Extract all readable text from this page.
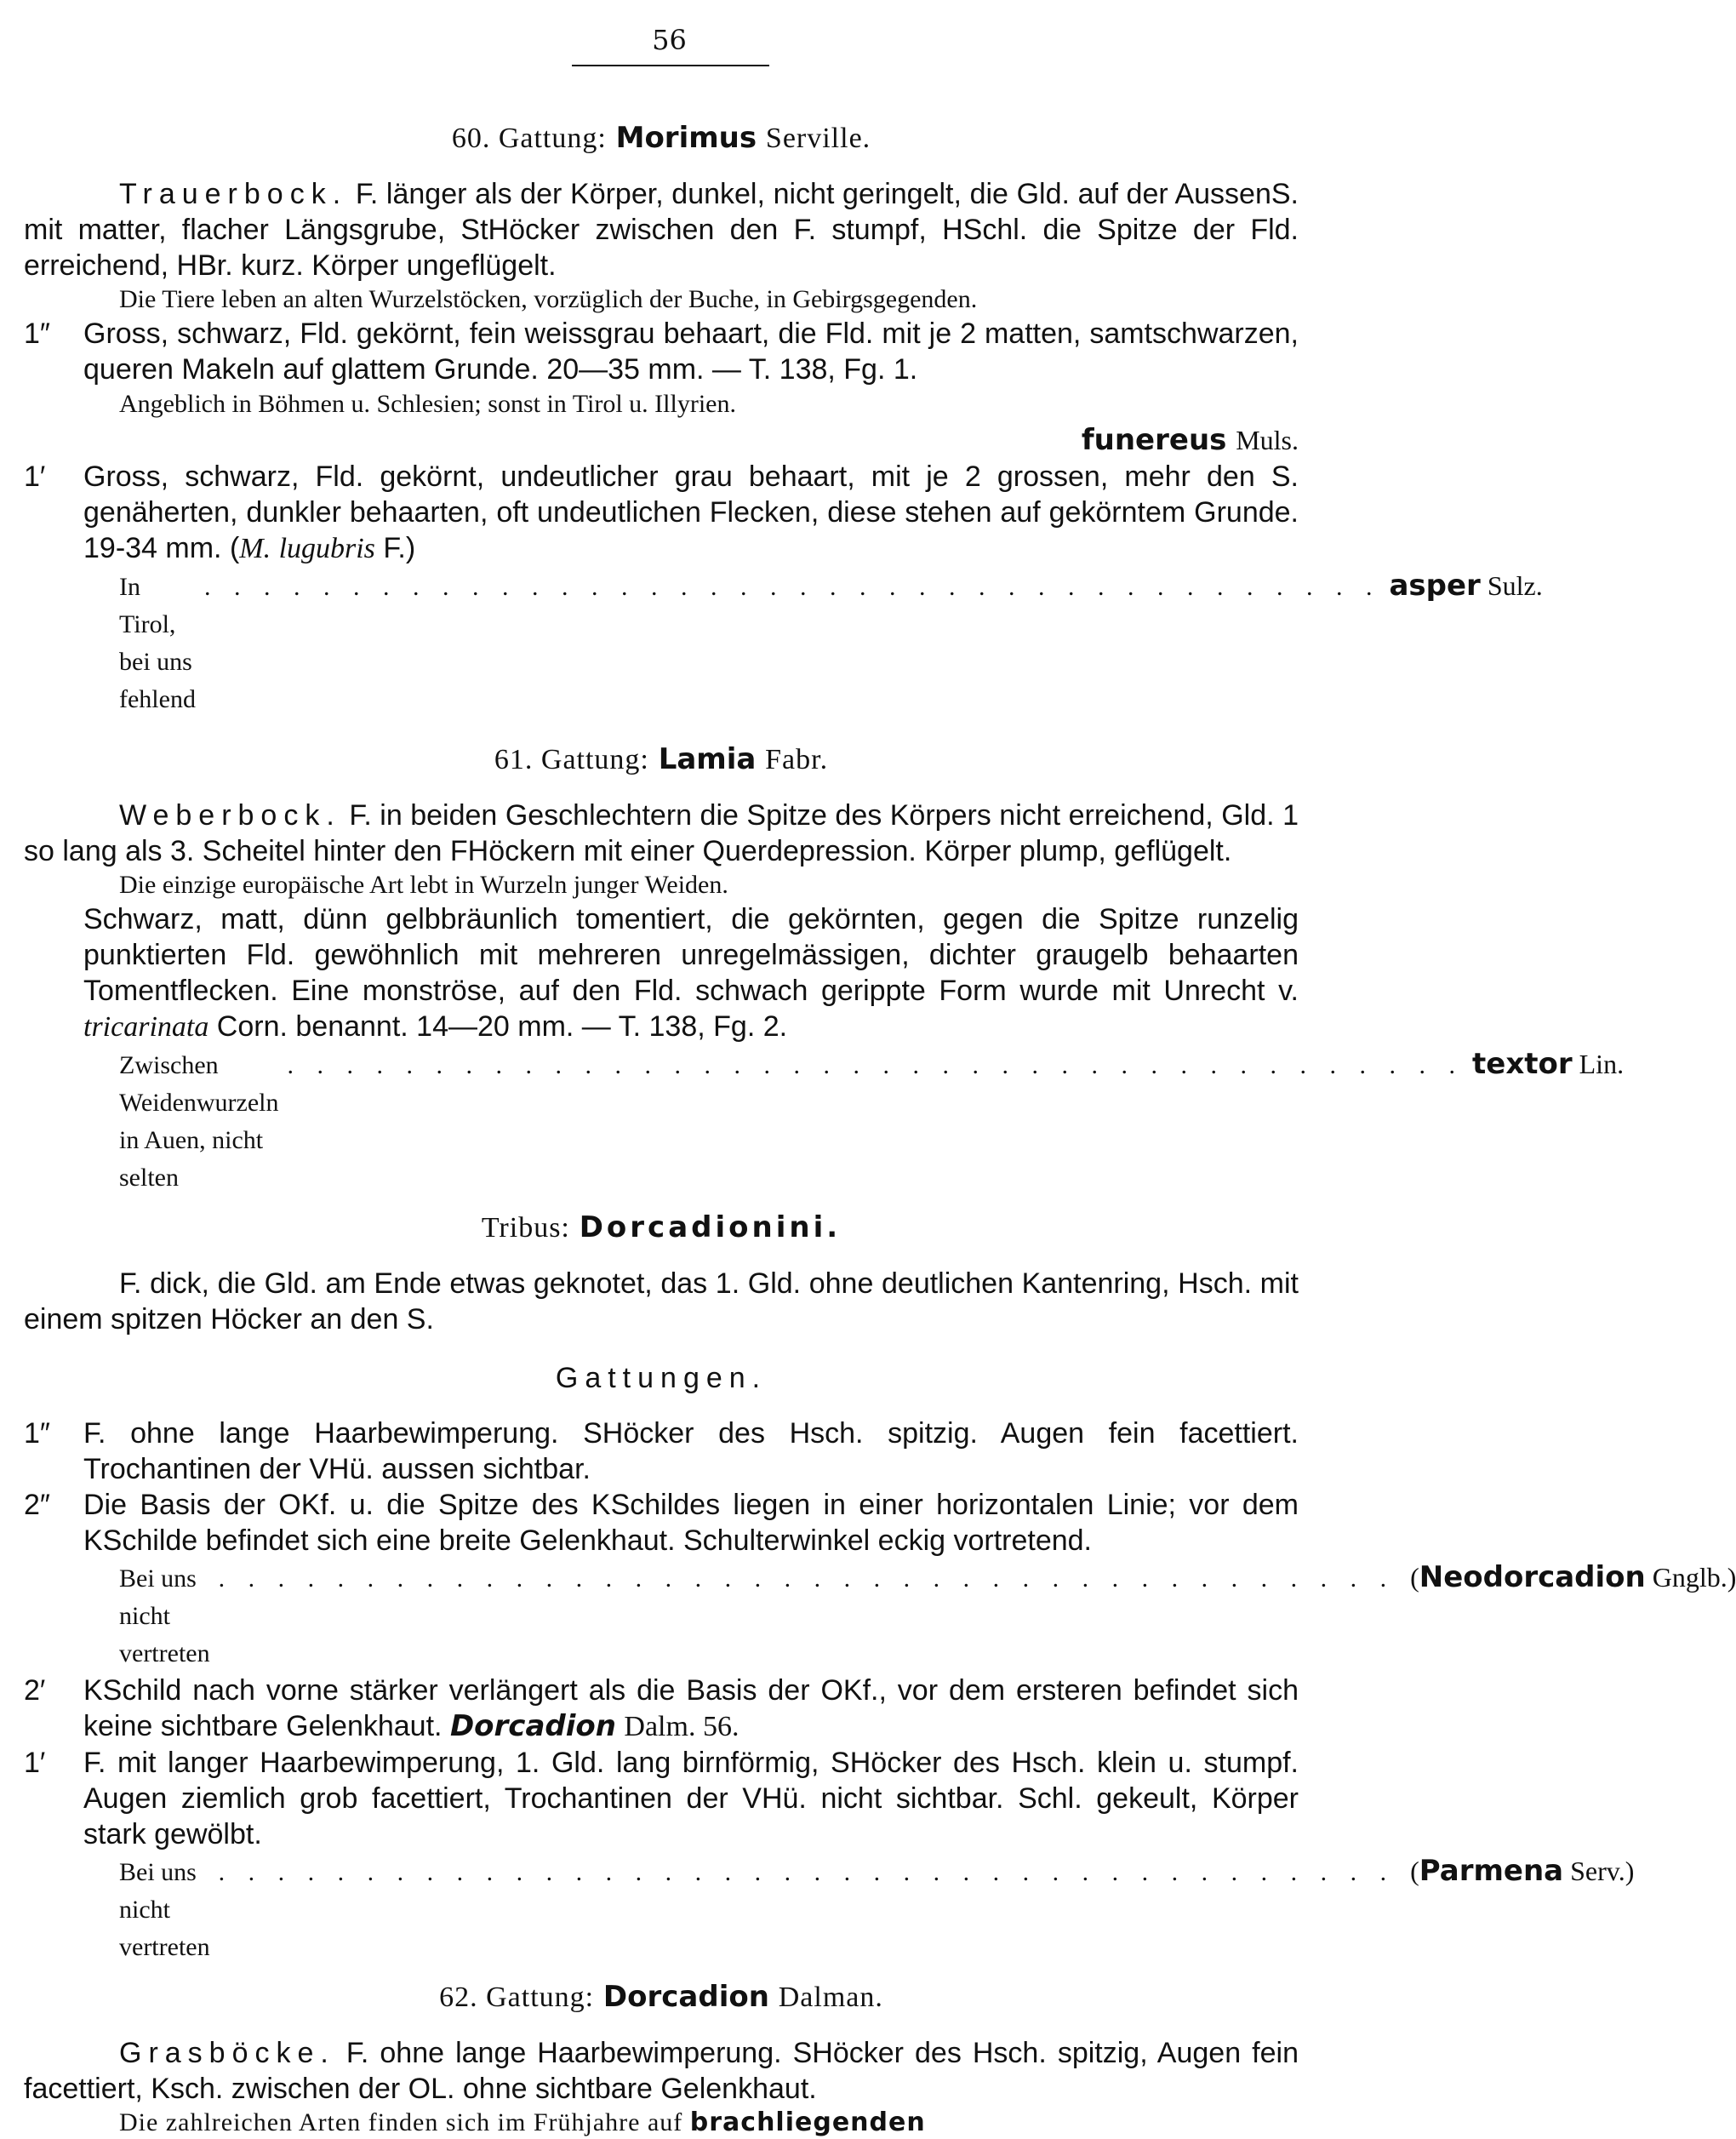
56
60. Gattung: Morimus Serville.

Trauerbock. F. länger als der Körper, dunkel, nicht geringelt, die Gld. auf der AussenS. mit matter, flacher Längsgrube, StHöcker zwischen den F. stumpf, HSchl. die Spitze der Fld. erreichend, HBr. kurz. Körper ungeflügelt.

Die Tiere leben an alten Wurzelstöcken, vorzüglich der Buche, in Gebirgsgegenden.

1″ Gross, schwarz, Fld. gekörnt, fein weissgrau behaart, die Fld. mit je 2 matten, samtschwarzen, queren Makeln auf glattem Grunde. 20—35 mm. — T. 138, Fg. 1.

Angeblich in Böhmen u. Schlesien; sonst in Tirol u. Illyrien.

funereus Muls.
1′ Gross, schwarz, Fld. gekörnt, undeutlicher grau behaart, mit je 2 grossen, mehr den S. genäherten, dunkler behaarten, oft undeutlichen Flecken, diese stehen auf gekörntem Grunde. 19-34 mm. (M. lugubris F.)
In Tirol, bei uns fehlend
. . . . . . . . . . . . . . . . . . . . . . . . . . . . . . . . . . . . . . . . asper Sulz.
61. Gattung: Lamia Fabr.

Weberbock. F. in beiden Geschlechtern die Spitze des Körpers nicht erreichend, Gld. 1 so lang als 3. Scheitel hinter den FHöckern mit einer Querdepression. Körper plump, geflügelt.

Die einzige europäische Art lebt in Wurzeln junger Weiden.

Schwarz, matt, dünn gelbbräunlich tomentiert, die gekörnten, gegen die Spitze runzelig punktierten Fld. gewöhnlich mit mehreren unregelmässigen, dichter graugelb behaarten Tomentflecken. Eine monströse, auf den Fld. schwach gerippte Form wurde mit Unrecht v. tricarinata Corn. benannt. 14—20 mm. — T. 138, Fg. 2.

Zwischen Weidenwurzeln in Auen, nicht selten
. . . . . . . . . . . . . . . . . . . . . . . . . . . . . . . . . . . . . . . . textor Lin.
Tribus: Dorcadionini.

F. dick, die Gld. am Ende etwas geknotet, das 1. Gld. ohne deutlichen Kantenring, Hsch. mit einem spitzen Höcker an den S.

Gattungen.
1″ F. ohne lange Haarbewimperung. SHöcker des Hsch. spitzig. Augen fein facettiert. Trochantinen der VHü. aussen sichtbar.
2″ Die Basis der OKf. u. die Spitze des KSchildes liegen in einer horizontalen Linie; vor dem KSchilde befindet sich eine breite Gelenkhaut. Schulterwinkel eckig vortretend.
Bei uns nicht vertreten
. . . . . . . . . . . . . . . . . . . . . . . . . . . . . . . . . . . . . . . . ( Neodorcadion Gnglb.)
2′ KSchild nach vorne stärker verlängert als die Basis der OKf., vor dem ersteren befindet sich keine sichtbare Gelenkhaut. Dorcadion Dalm. 56.
1′ F. mit langer Haarbewimperung, 1. Gld. lang birnförmig, SHöcker des Hsch. klein u. stumpf. Augen ziemlich grob facettiert, Trochantinen der VHü. nicht sichtbar. Schl. gekeult, Körper stark gewölbt.
Bei uns nicht vertreten
. . . . . . . . . . . . . . . . . . . . . . . . . . . . . . . . . . . . . . . . ( Parmena Serv.)
62. Gattung: Dorcadion Dalman.

Grasböcke. F. ohne lange Haarbewimperung. SHöcker des Hsch. spitzig, Augen fein facettiert, Ksch. zwischen der OL. ohne sichtbare Gelenkhaut.

Die zahlreichen Arten finden sich im Frühjahre auf brachliegenden
